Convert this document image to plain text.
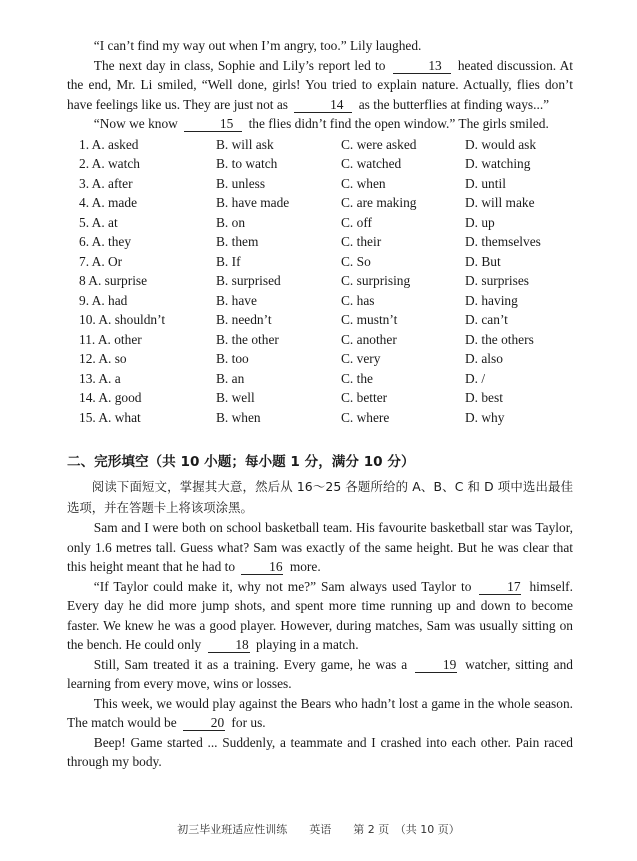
“I can’t find my way out when I’m angry, too.” Lily laughed.

The next day in class, Sophie and Lily’s report led to	13 heated discussion. At the end, Mr. Li smiled, “Well done, girls! You tried to explain nature. Actually, flies don’t have feelings like us. They are just not as	14 as the butterflies at finding ways...”

“Now we know	15 the flies didn’t find the open window.” The girls smiled.

1. A. asked	B. will ask	C. were asked	D. would ask
2. A. watch	B. to watch	C. watched	D. watching
3. A. after	B. unless	C. when	D. until
4. A. made	B. have made	C. are making	D. will make
5. A. at	B. on	C. off	D. up
6. A. they	B. them	C. their	D. themselves
7. A. Or	B. If	C. So	D. But
8 A. surprise	B. surprised	C. surprising	D. surprises
9. A. had	B. have	C. has	D. having
10. A. shouldn’t	B. needn’t	C. mustn’t	D. can’t
11. A. other	B. the other	C. another	D. the others
12. A. so	B. too	C. very	D. also
13. A. a	B. an	C. the	D. /
14. A. good	B. well	C. better	D. best
15. A. what	B. when	C. where	D. why
二、完形填空（共 10 小题；每小题 1 分，满分 10 分）

阅读下面短文，掌握其大意，然后从 16～25 各题所给的 A、B、C 和 D 项中选出最佳选项，并在答题卡上将该项涂黑。

Sam and I were both on school basketball team. His favourite basketball star was Taylor, only 1.6 metres tall. Guess what? Sam was exactly of the same height. But he was clear that this height meant that he had to	16 more.

“If Taylor could make it, why not me?” Sam always used Taylor to	17 himself. Every day he did more jump shots, and spent more time running up and down to become faster. We knew he was a good player. However, during matches, Sam was usually sitting on the bench. He could only	18 playing in a match.

Still, Sam treated it as a training. Every game, he was a	19 watcher, sitting and learning from every move, wins or losses.

This week, we would play against the Bears who hadn’t lost a game in the whole season. The match would be	20 for us.

Beep! Game started ... Suddenly, a teammate and I crashed into each other. Pain raced through my body.

初三毕业班适应性训练　　英语　　第 2 页　（共 10 页）
